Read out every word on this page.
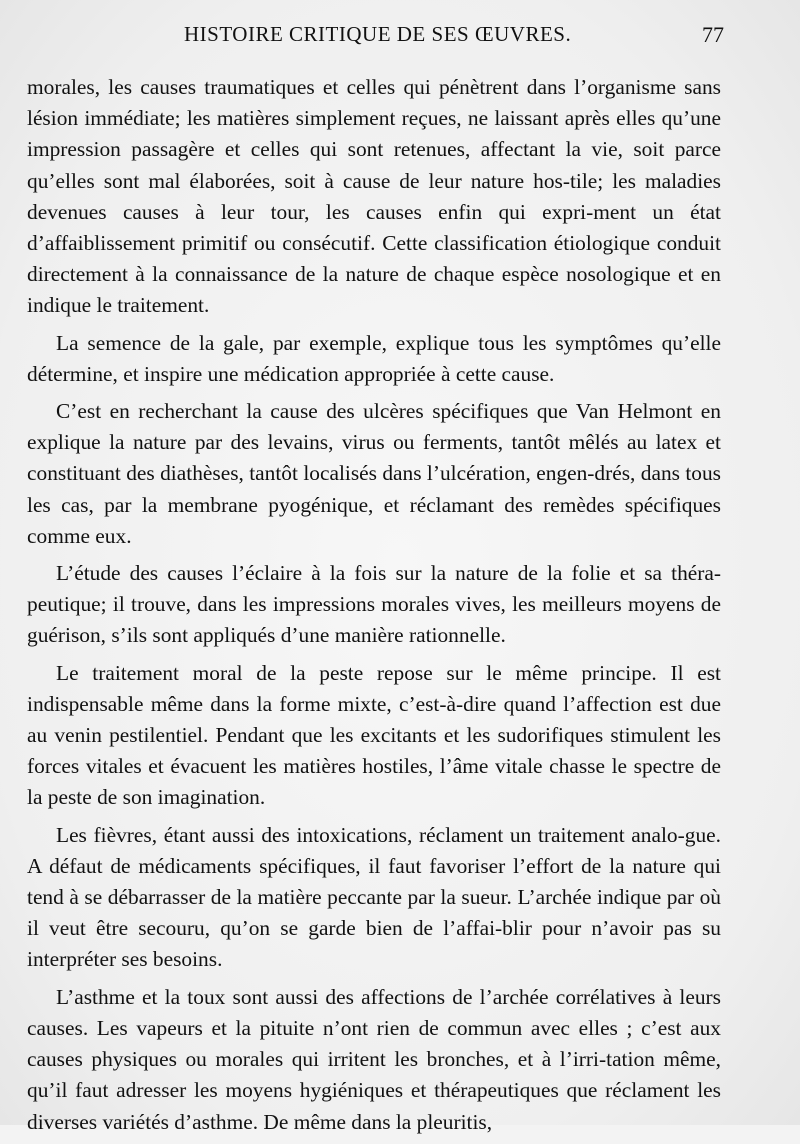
HISTOIRE CRITIQUE DE SES ŒUVRES.	77

morales, les causes traumatiques et celles qui pénètrent dans l’organisme sans lésion immédiate; les matières simplement reçues, ne laissant après elles qu’une impression passagère et celles qui sont retenues, affectant la vie, soit parce qu’elles sont mal élaborées, soit à cause de leur nature hos-tile; les maladies devenues causes à leur tour, les causes enfin qui expri-ment un état d’affaiblissement primitif ou consécutif. Cette classification étiologique conduit directement à la connaissance de la nature de chaque espèce nosologique et en indique le traitement.

La semence de la gale, par exemple, explique tous les symptômes qu’elle détermine, et inspire une médication appropriée à cette cause.

C’est en recherchant la cause des ulcères spécifiques que Van Helmont en explique la nature par des levains, virus ou ferments, tantôt mêlés au latex et constituant des diathèses, tantôt localisés dans l’ulcération, engen-drés, dans tous les cas, par la membrane pyogénique, et réclamant des remèdes spécifiques comme eux.

L’étude des causes l’éclaire à la fois sur la nature de la folie et sa théra-peutique; il trouve, dans les impressions morales vives, les meilleurs moyens de guérison, s’ils sont appliqués d’une manière rationnelle.

Le traitement moral de la peste repose sur le même principe. Il est indispensable même dans la forme mixte, c’est-à-dire quand l’affection est due au venin pestilentiel. Pendant que les excitants et les sudorifiques stimulent les forces vitales et évacuent les matières hostiles, l’âme vitale chasse le spectre de la peste de son imagination.

Les fièvres, étant aussi des intoxications, réclament un traitement analo-gue. A défaut de médicaments spécifiques, il faut favoriser l’effort de la nature qui tend à se débarrasser de la matière peccante par la sueur. L’archée indique par où il veut être secouru, qu’on se garde bien de l’affai-blir pour n’avoir pas su interpréter ses besoins.

L’asthme et la toux sont aussi des affections de l’archée corrélatives à leurs causes. Les vapeurs et la pituite n’ont rien de commun avec elles ; c’est aux causes physiques ou morales qui irritent les bronches, et à l’irri-tation même, qu’il faut adresser les moyens hygiéniques et thérapeutiques que réclament les diverses variétés d’asthme. De même dans la pleuritis,
